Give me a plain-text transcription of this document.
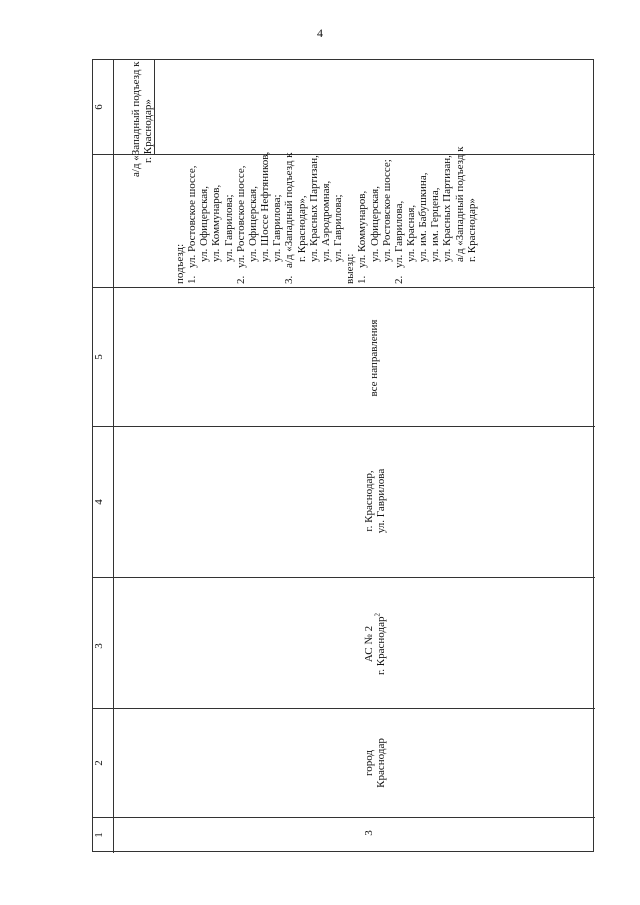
4
6
5
4
3
2
1
а/д «Западный подъезд к г. Краснодар»
3
город Краснодар
АС № 2 г. Краснодар$^2$
г. Краснодар, ул. Гаврилова
все направления
подъезд: 1.ул. Ростовское шоссе, ул. Офицерская, ул. Коммунаров, ул. Гаврилова;
2.ул. Ростовское шоссе, ул. Офицерская, ул. Шоссе Нефтяников, ул. Гаврилова;
3.а/д «Западный подъезд к г. Краснодар», ул. Красных Партизан, ул. Аэродромная, ул. Гаврилова;
выезд: 1.ул. Коммунаров, ул. Офицерская, ул. Ростовское шоссе;
2.ул. Гаврилова, ул. Красная, ул. им. Бабушкина, ул. им. Герцена, ул. Красных Партизан, а/д «Западный подъезд к г. Краснодар»
